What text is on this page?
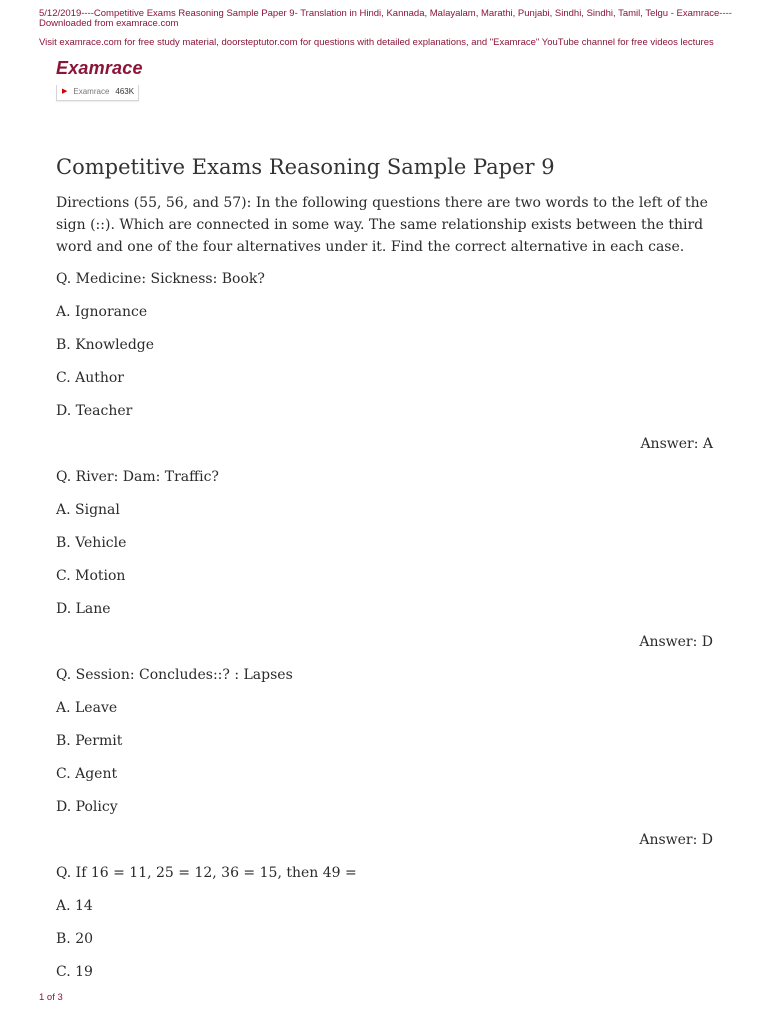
5/12/2019----Competitive Exams Reasoning Sample Paper 9- Translation in Hindi, Kannada, Malayalam, Marathi, Punjabi, Sindhi, Sindhi, Tamil, Telgu - Examrace----Downloaded from examrace.com
Visit examrace.com for free study material, doorsteptutor.com for questions with detailed explanations, and "Examrace" YouTube channel for free videos lectures
Examrace
▶ Examrace 463K
Competitive Exams Reasoning Sample Paper 9

Directions (55, 56, and 57): In the following questions there are two words to the left of the sign (::). Which are connected in some way. The same relationship exists between the third word and one of the four alternatives under it. Find the correct alternative in each case.

Q. Medicine: Sickness: Book?

A. Ignorance

B. Knowledge

C. Author

D. Teacher

Answer: A

Q. River: Dam: Traffic?

A. Signal

B. Vehicle

C. Motion

D. Lane

Answer: D

Q. Session: Concludes::? : Lapses

A. Leave

B. Permit

C. Agent

D. Policy

Answer: D

Q. If 16 = 11, 25 = 12, 36 = 15, then 49 =

A. 14

B. 20

C. 19

1 of 3
